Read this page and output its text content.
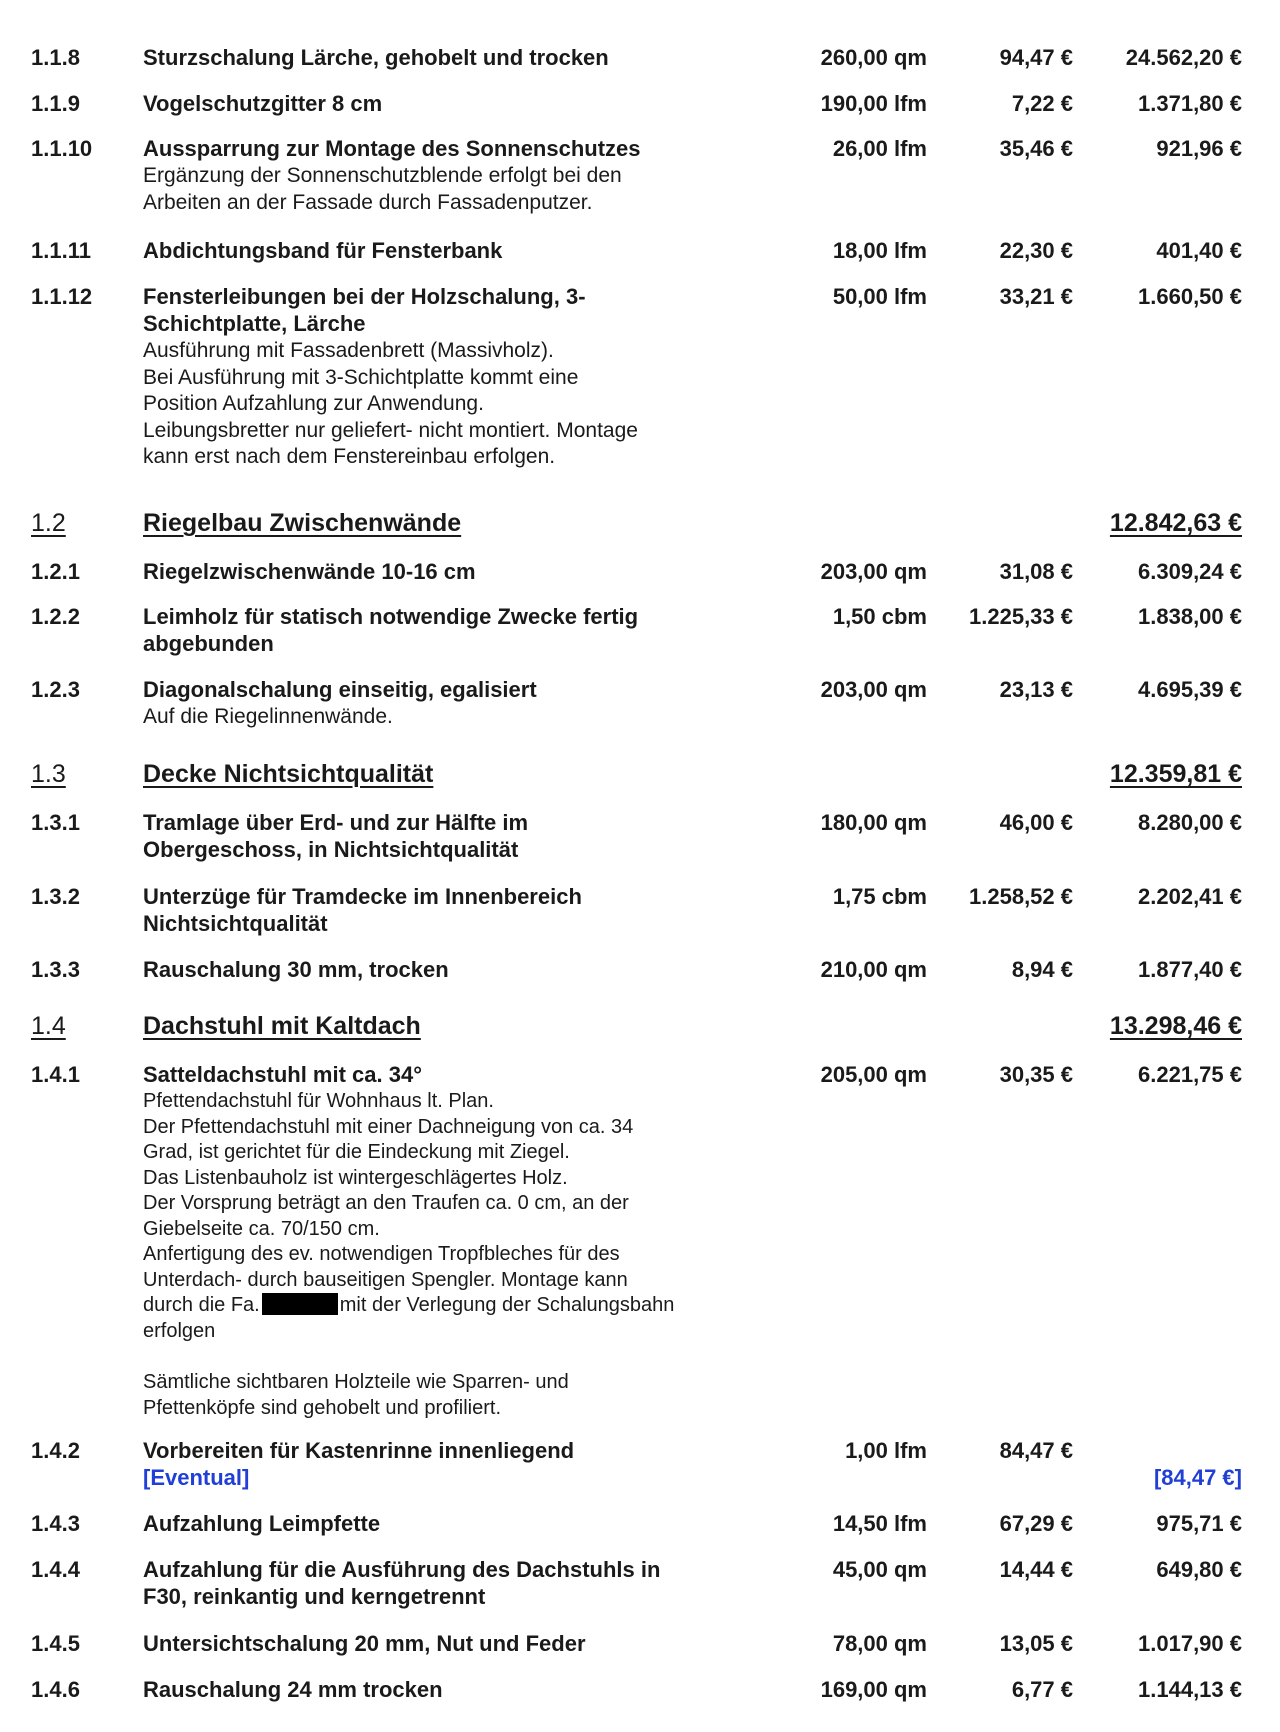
1.1.8	Sturzschalung Lärche, gehobelt und trocken	260,00 qm	94,47 € 24.562,20 €
1.1.9	Vogelschutzgitter 8 cm	190,00 lfm	7,22 €	1.371,80 €
1.1.10 Aussparrung zur Montage des Sonnenschutzes	26,00 lfm	35,46 €	921,96 €
Ergänzung der Sonnenschutzblende erfolgt bei den
Arbeiten an der Fassade durch Fassadenputzer.
1.1.11 Abdichtungsband für Fensterbank	18,00 lfm	22,30 €	401,40 €
1.1.12 Fensterleibungen bei der Holzschalung, 3-
Schichtplatte, Lärche
50,00 lfm	33,21 €	1.660,50 €
Ausführung mit Fassadenbrett (Massivholz).
Bei Ausführung mit 3-Schichtplatte kommt eine
Position Aufzahlung zur Anwendung.
Leibungsbretter nur geliefert- nicht montiert. Montage
kann erst nach dem Fenstereinbau erfolgen.
1.2	Riegelbau Zwischenwände	12.842,63 €
1.2.1	Riegelzwischenwände 10-16 cm	203,00 qm	31,08 €	6.309,24 €
1.2.2	Leimholz für statisch notwendige Zwecke fertig
abgebunden
1,50 cbm 1.225,33 €	1.838,00 €
1.2.3	Diagonalschalung einseitig, egalisiert	203,00 qm	23,13 €	4.695,39 €
Auf die Riegelinnenwände.
1.3	Decke Nichtsichtqualität	12.359,81 €
1.3.1	Tramlage über Erd- und zur Hälfte im
Obergeschoss, in Nichtsichtqualität
180,00 qm	46,00 €	8.280,00 €
1.3.2	Unterzüge für Tramdecke im Innenbereich
Nichtsichtqualität
1,75 cbm 1.258,52 €	2.202,41 €
1.3.3	Rauschalung 30 mm, trocken	210,00 qm	8,94 €	1.877,40 €
1.4	Dachstuhl mit Kaltdach	13.298,46 €
1.4.1	Satteldachstuhl mit ca. 34°	205,00 qm	30,35 €	6.221,75 €
Pfettendachstuhl für Wohnhaus lt. Plan.
Der Pfettendachstuhl mit einer Dachneigung von ca. 34
Grad, ist gerichtet für die Eindeckung mit Ziegel.
Das Listenbauholz ist wintergeschlägertes Holz.
Der Vorsprung beträgt an den Traufen ca. 0 cm, an der
Giebelseite ca. 70/150 cm.
Anfertigung des ev. notwendigen Tropfbleches für des
Unterdach- durch bauseitigen Spengler. Montage kann
durch die Fa.	mit der Verlegung der Schalungsbahn
erfolgen
Sämtliche sichtbaren Holzteile wie Sparren- und
Pfettenköpfe sind gehobelt und profiliert.
1.4.2	Vorbereiten für Kastenrinne innenliegend
[Eventual]
1,00 lfm	84,47 €
[84,47 €]
1.4.3	Aufzahlung Leimpfette	14,50 lfm	67,29 €	975,71 €
1.4.4	Aufzahlung für die Ausführung des Dachstuhls in
F30, reinkantig und kerngetrennt
45,00 qm	14,44 €	649,80 €
1.4.5	Untersichtschalung 20 mm, Nut und Feder	78,00 qm	13,05 €	1.017,90 €
1.4.6	Rauschalung 24 mm trocken	169,00 qm	6,77 €	1.144,13 €
